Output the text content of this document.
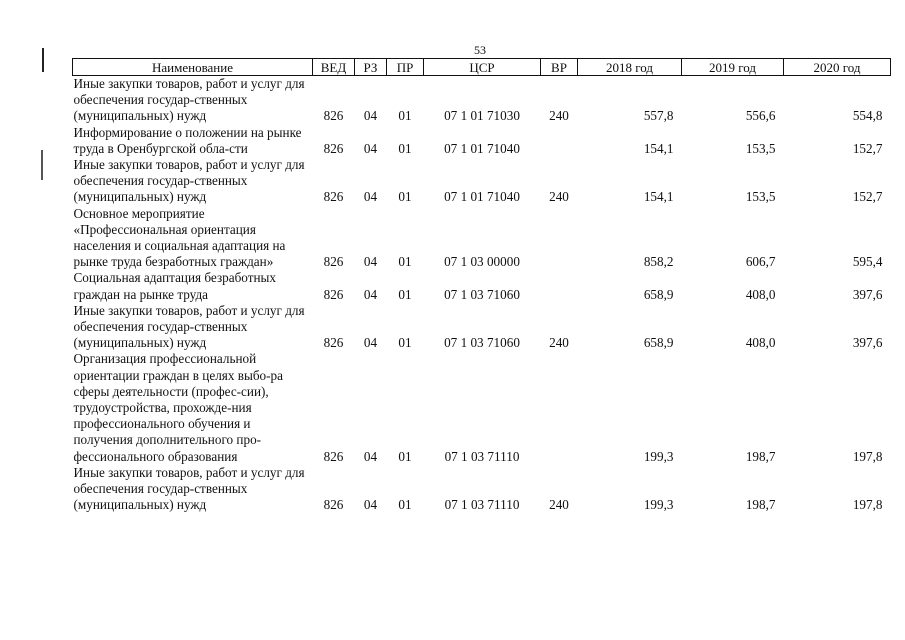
53
Наименование	ВЕД	РЗ	ПР	ЦСР	ВР	2018 год	2019 год	2020 год
Иные закупки товаров, работ и услуг для обеспечения государ-ственных (муниципальных) нужд	826	04	01	07 1 01 71030	240	557,8	556,6	554,8
Информирование о положении на рынке труда в Оренбургской обла-сти	826	04	01	07 1 01 71040		154,1	153,5	152,7
Иные закупки товаров, работ и услуг для обеспечения государ-ственных (муниципальных) нужд	826	04	01	07 1 01 71040	240	154,1	153,5	152,7
Основное мероприятие «Профессиональная ориентация населения и социальная адаптация на рынке труда безработных граждан»	826	04	01	07 1 03 00000		858,2	606,7	595,4
Социальная адаптация безработных граждан на рынке труда	826	04	01	07 1 03 71060		658,9	408,0	397,6
Иные закупки товаров, работ и услуг для обеспечения государ-ственных (муниципальных) нужд	826	04	01	07 1 03 71060	240	658,9	408,0	397,6
Организация профессиональной ориентации граждан в целях выбо-ра сферы деятельности (профес-сии), трудоустройства, прохожде-ния профессионального обучения и получения дополнительного про-фессионального образования	826	04	01	07 1 03 71110		199,3	198,7	197,8
Иные закупки товаров, работ и услуг для обеспечения государ-ственных (муниципальных) нужд	826	04	01	07 1 03 71110	240	199,3	198,7	197,8
